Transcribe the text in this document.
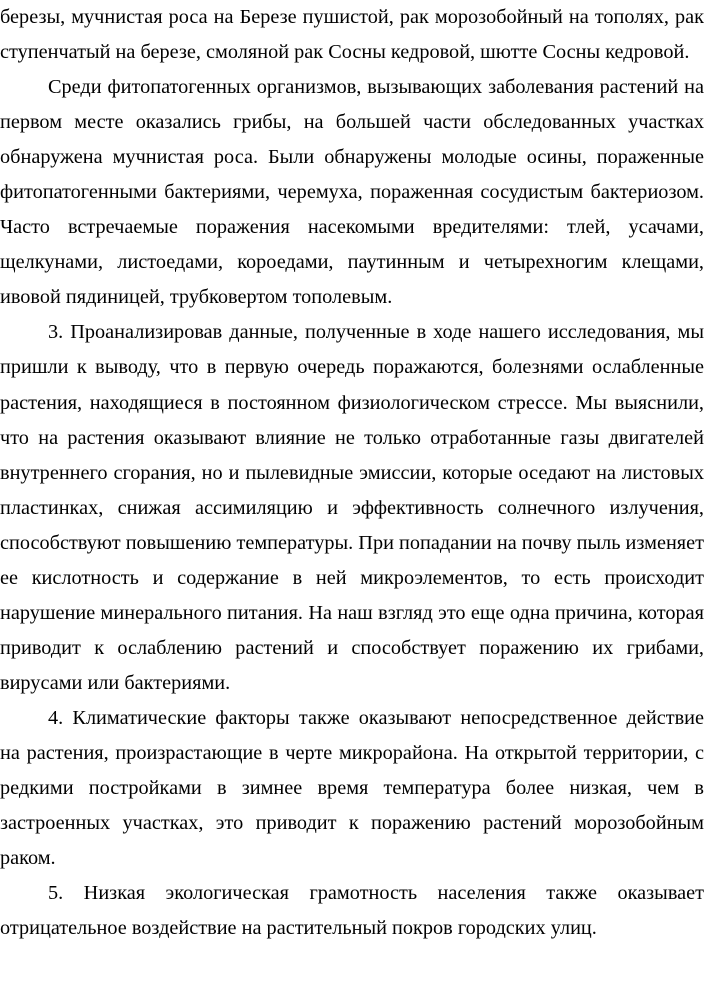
березы, мучнистая роса на Березе пушистой, рак морозобойный на тополях, рак ступенчатый на березе, смоляной рак Сосны кедровой, шютте Сосны кедровой.

Среди фитопатогенных организмов, вызывающих заболевания растений на первом месте оказались грибы, на большей части обследованных участках обнаружена мучнистая роса. Были обнаружены молодые осины, пораженные фитопатогенными бактериями, черемуха, пораженная сосудистым бактериозом. Часто встречаемые поражения насекомыми вредителями: тлей, усачами, щелкунами, листоедами, короедами, паутинным и четырехногим клещами, ивовой пядиницей, трубковертом тополевым.

3. Проанализировав данные, полученные в ходе нашего исследования, мы пришли к выводу, что в первую очередь поражаются, болезнями ослабленные растения, находящиеся в постоянном физиологическом стрессе. Мы выяснили, что на растения оказывают влияние не только отработанные газы двигателей внутреннего сгорания, но и пылевидные эмиссии, которые оседают на листовых пластинках, снижая ассимиляцию и эффективность солнечного излучения, способствуют повышению температуры. При попадании на почву пыль изменяет ее кислотность и содержание в ней микроэлементов, то есть происходит нарушение минерального питания. На наш взгляд это еще одна причина, которая приводит к ослаблению растений и способствует поражению их грибами, вирусами или бактериями.

4. Климатические факторы также оказывают непосредственное действие на растения, произрастающие в черте микрорайона. На открытой территории, с редкими постройками в зимнее время температура более низкая, чем в застроенных участках, это приводит к поражению растений морозобойным раком.

5. Низкая экологическая грамотность населения также оказывает отрицательное воздействие на растительный покров городских улиц.
